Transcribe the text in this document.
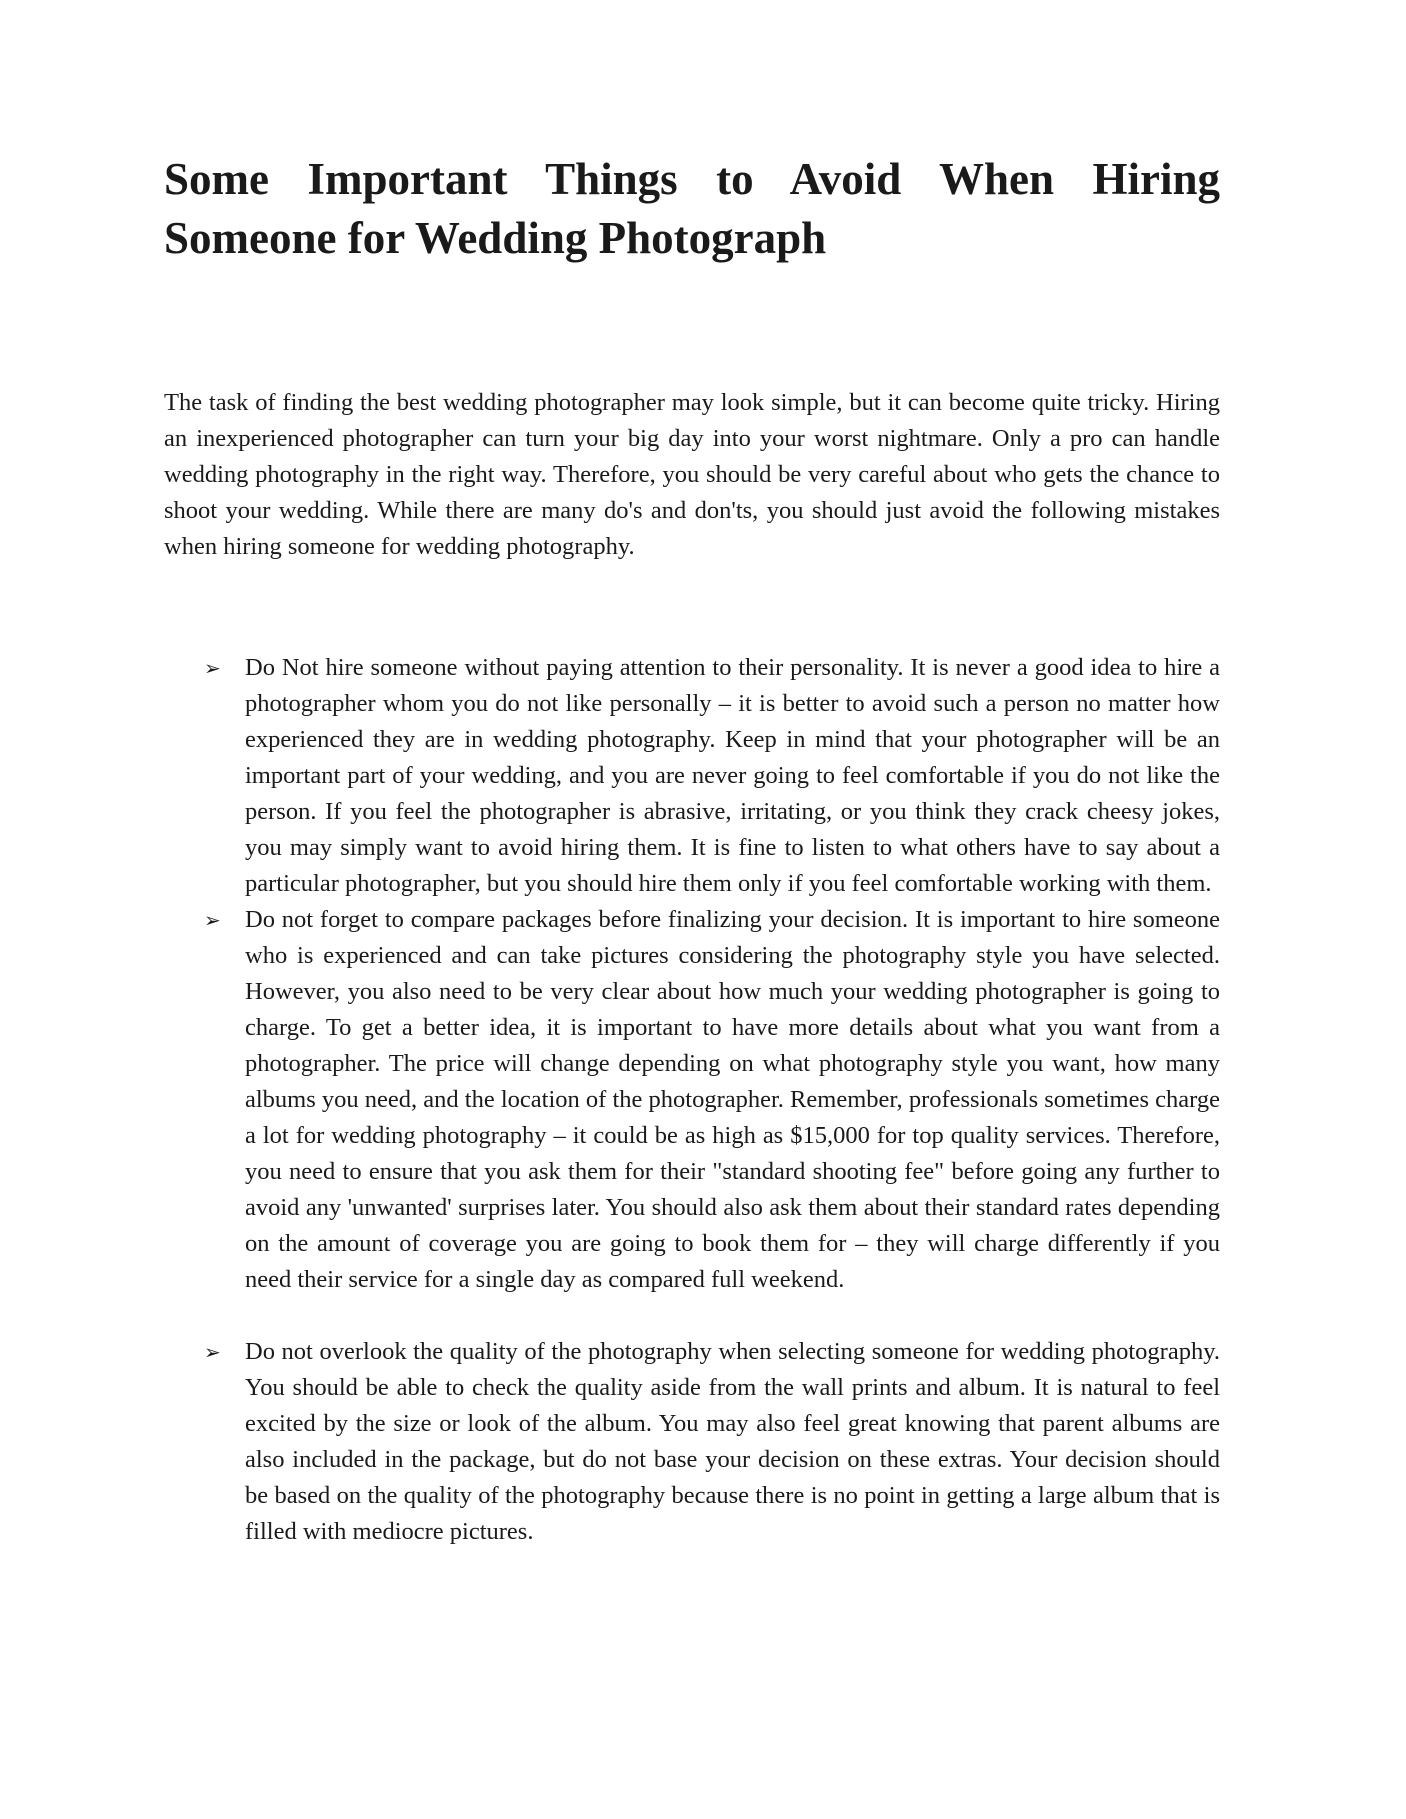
Some Important Things to Avoid When Hiring
Someone for Wedding Photograph

The task of finding the best wedding photographer may look simple, but it can become quite tricky. Hiring an inexperienced photographer can turn your big day into your worst nightmare. Only a pro can handle wedding photography in the right way. Therefore, you should be very careful about who gets the chance to shoot your wedding. While there are many do's and don'ts, you should just avoid the following mistakes when hiring someone for wedding photography.

➢ Do Not hire someone without paying attention to their personality. It is never a good idea to hire a photographer whom you do not like personally – it is better to avoid such a person no matter how experienced they are in wedding photography. Keep in mind that your photographer will be an important part of your wedding, and you are never going to feel comfortable if you do not like the person. If you feel the photographer is abrasive, irritating, or you think they crack cheesy jokes, you may simply want to avoid hiring them. It is fine to listen to what others have to say about a particular photographer, but you should hire them only if you feel comfortable working with them.
➢ Do not forget to compare packages before finalizing your decision. It is important to hire someone who is experienced and can take pictures considering the photography style you have selected. However, you also need to be very clear about how much your wedding photographer is going to charge. To get a better idea, it is important to have more details about what you want from a photographer. The price will change depending on what photography style you want, how many albums you need, and the location of the photographer. Remember, professionals sometimes charge a lot for wedding photography – it could be as high as $15,000 for top quality services. Therefore, you need to ensure that you ask them for their "standard shooting fee" before going any further to avoid any 'unwanted' surprises later. You should also ask them about their standard rates depending on the amount of coverage you are going to book them for – they will charge differently if you need their service for a single day as compared full weekend.
➢ Do not overlook the quality of the photography when selecting someone for wedding photography. You should be able to check the quality aside from the wall prints and album. It is natural to feel excited by the size or look of the album. You may also feel great knowing that parent albums are also included in the package, but do not base your decision on these extras. Your decision should be based on the quality of the photography because there is no point in getting a large album that is filled with mediocre pictures.
